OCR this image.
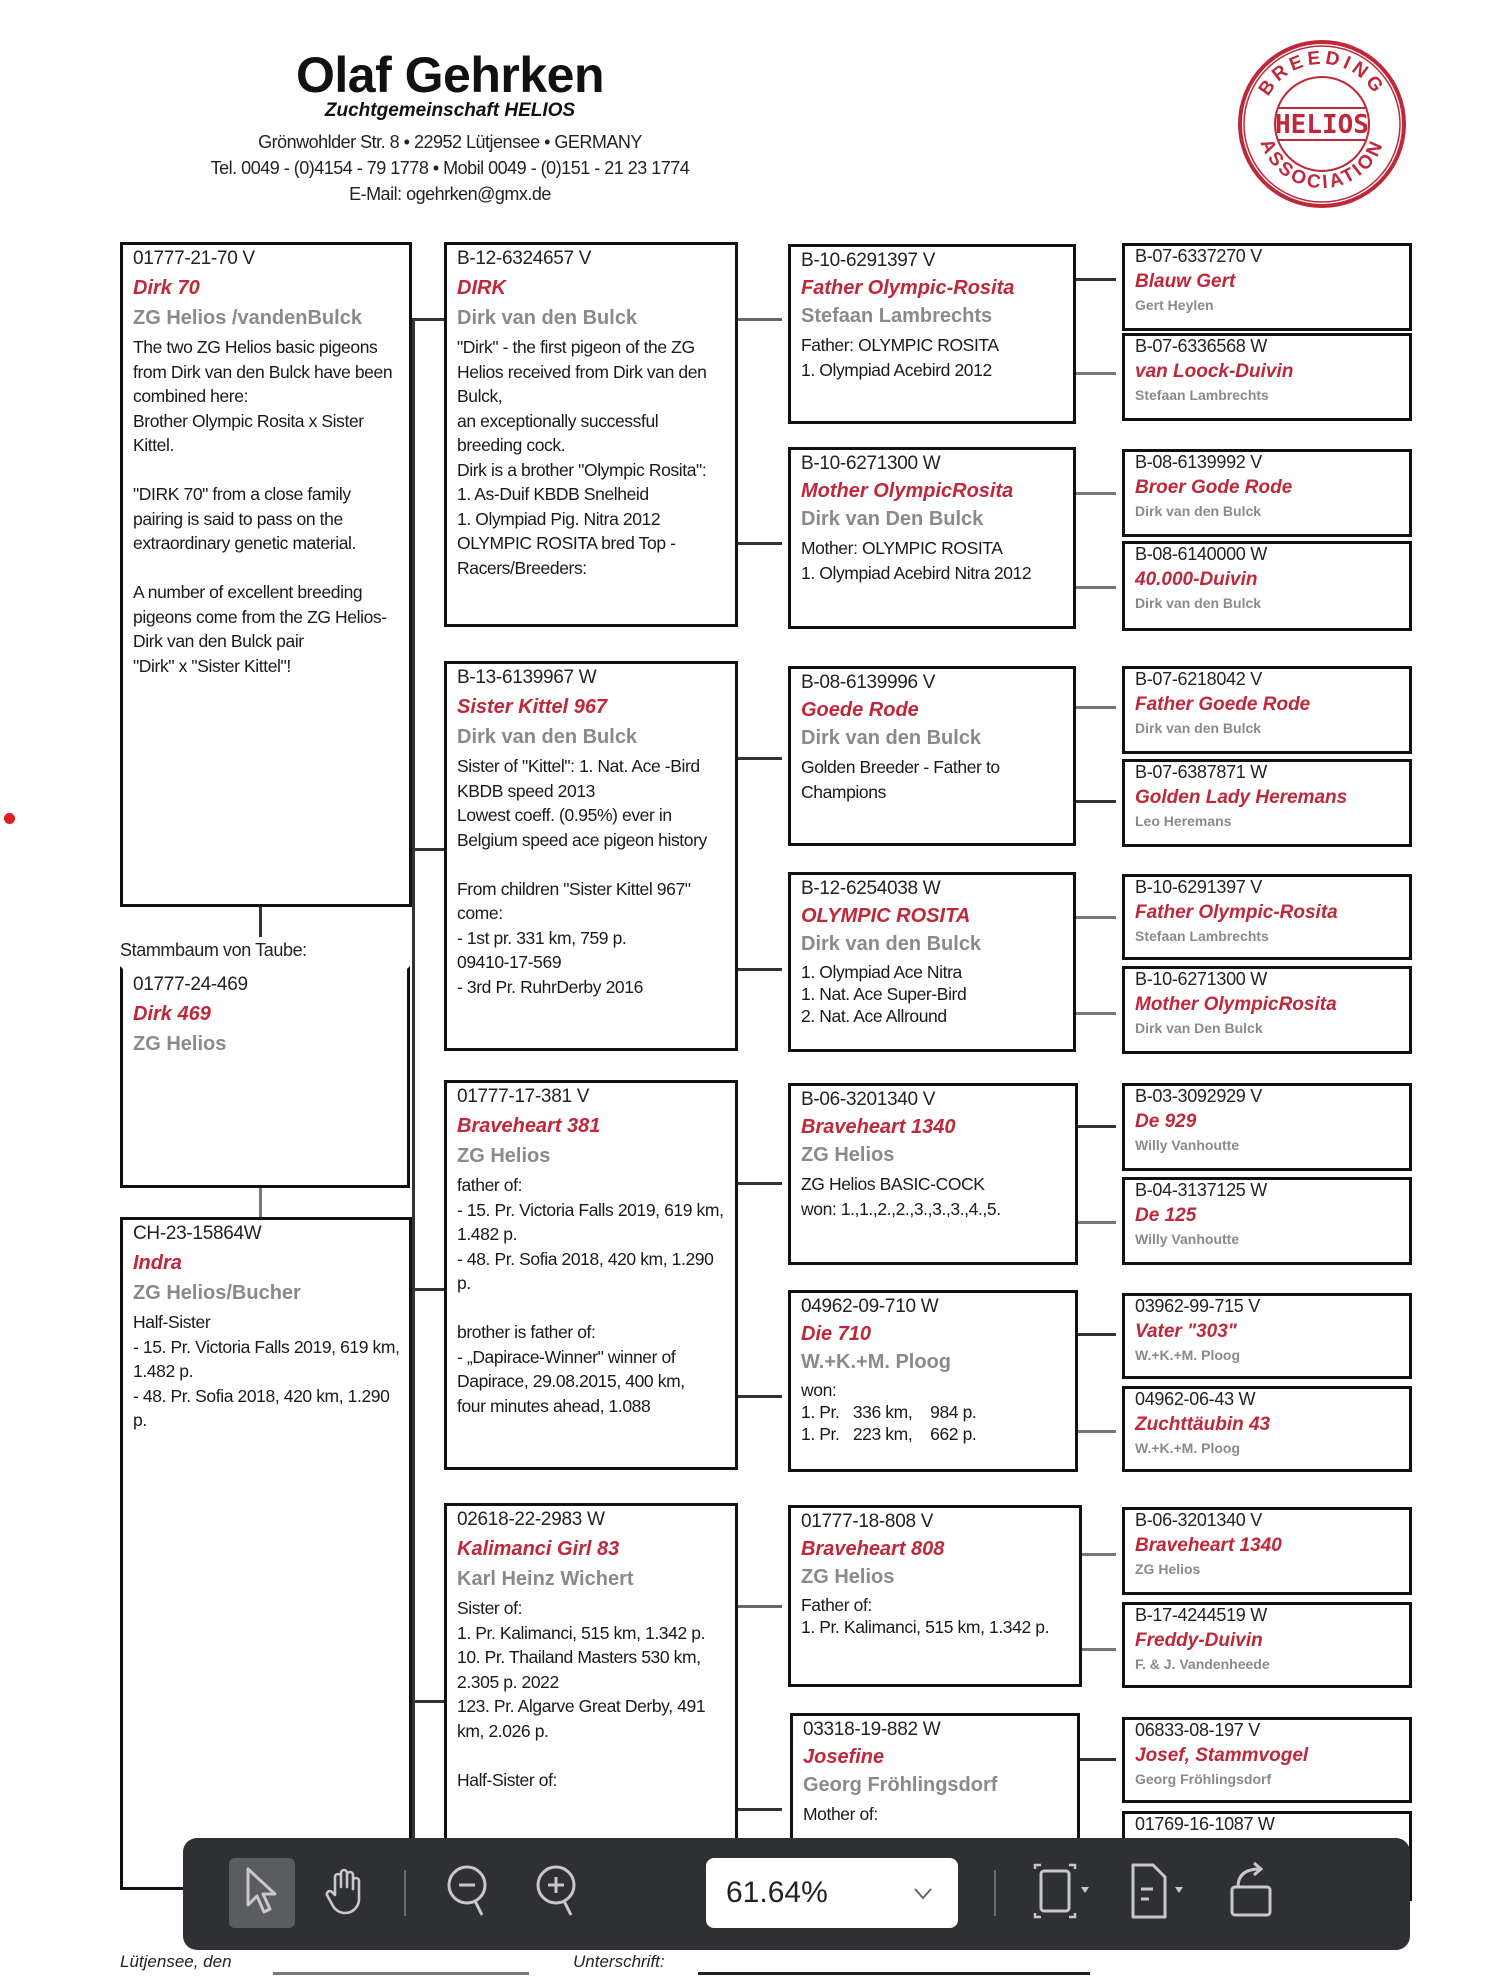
Olaf Gehrken
Zuchtgemeinschaft HELIOS
Grönwohlder Str. 8 • 22952 Lütjensee • GERMANY
Tel. 0049 - (0)4154 - 79 1778 • Mobil 0049 - (0)151 - 21 23 1774
E-Mail: ogehrken@gmx.de
BREEDING
ASSOCIATION
HELIOS
01777-21-70 V
Dirk 70
ZG Helios /vandenBulck
The two ZG Helios basic pigeons from Dirk van den Bulck have been combined here:
Brother Olympic Rosita x Sister Kittel.

"DIRK 70" from a close family pairing is said to pass on the extraordinary genetic material.

A number of excellent breeding pigeons come from the ZG Helios-Dirk van den Bulck pair
"Dirk" x "Sister Kittel"!
Stammbaum von Taube:
01777-24-469
Dirk 469
ZG Helios
CH-23-15864W
Indra
ZG Helios/Bucher
Half-Sister
- 15. Pr. Victoria Falls 2019, 619 km, 1.482 p.
- 48. Pr. Sofia 2018, 420 km, 1.290 p.
B-12-6324657 V
DIRK
Dirk van den Bulck
"Dirk" - the first pigeon of the ZG Helios received from Dirk van den Bulck,
an exceptionally successful breeding cock.
Dirk is a brother "Olympic Rosita":
1. As-Duif KBDB Snelheid
1. Olympiad Pig. Nitra 2012
OLYMPIC ROSITA bred Top -Racers/Breeders:
B-13-6139967 W
Sister Kittel 967
Dirk van den Bulck
Sister of "Kittel": 1. Nat. Ace -Bird KBDB speed 2013
Lowest coeff. (0.95%) ever in Belgium speed ace pigeon history

From children "Sister Kittel 967" come:
- 1st pr. 331 km, 759 p.
09410-17-569
- 3rd Pr. RuhrDerby 2016
01777-17-381 V
Braveheart 381
ZG Helios
father of:
- 15. Pr. Victoria Falls 2019, 619 km, 1.482 p.
- 48. Pr. Sofia 2018, 420 km, 1.290 p.

brother is father of:
- „Dapirace-Winner" winner of Dapirace, 29.08.2015, 400 km,
four minutes ahead, 1.088
02618-22-2983 W
Kalimanci Girl 83
Karl Heinz Wichert
Sister of:
1. Pr. Kalimanci, 515 km, 1.342 p.
10. Pr. Thailand Masters 530 km, 2.305 p. 2022
123. Pr. Algarve Great Derby, 491 km, 2.026 p.

Half-Sister of:
B-10-6291397 V
Father Olympic-Rosita
Stefaan Lambrechts
Father: OLYMPIC ROSITA
1. Olympiad Acebird 2012
B-10-6271300 W
Mother OlympicRosita
Dirk van Den Bulck
Mother: OLYMPIC ROSITA
1. Olympiad Acebird Nitra 2012
B-08-6139996 V
Goede Rode
Dirk van den Bulck
Golden Breeder - Father to Champions
B-12-6254038 W
OLYMPIC ROSITA
Dirk van den Bulck
1. Olympiad Ace Nitra
1. Nat. Ace Super-Bird
2. Nat. Ace Allround
B-06-3201340 V
Braveheart 1340
ZG Helios
ZG Helios BASIC-COCK
won: 1.,1.,2.,2.,3.,3.,3.,4.,5.
04962-09-710 W
Die 710
W.+K.+M. Ploog
won:
1. Pr.   336 km,    984 p.
1. Pr.   223 km,    662 p.
01777-18-808 V
Braveheart 808
ZG Helios
Father of:
1. Pr. Kalimanci, 515 km, 1.342 p.
03318-19-882 W
Josefine
Georg Fröhlingsdorf
Mother of:
B-07-6337270 V
Blauw Gert
Gert Heylen
B-07-6336568 W
van Loock-Duivin
Stefaan Lambrechts
B-08-6139992 V
Broer Gode Rode
Dirk van den Bulck
B-08-6140000 W
40.000-Duivin
Dirk van den Bulck
B-07-6218042 V
Father Goede Rode
Dirk van den Bulck
B-07-6387871 W
Golden Lady Heremans
Leo Heremans
B-10-6291397 V
Father Olympic-Rosita
Stefaan Lambrechts
B-10-6271300 W
Mother OlympicRosita
Dirk van Den Bulck
B-03-3092929 V
De 929
Willy Vanhoutte
B-04-3137125 W
De 125
Willy Vanhoutte
03962-99-715 V
Vater "303"
W.+K.+M. Ploog
04962-06-43 W
Zuchttäubin 43
W.+K.+M. Ploog
B-06-3201340 V
Braveheart 1340
ZG Helios
B-17-4244519 W
Freddy-Duivin
F. & J. Vandenheede
06833-08-197 V
Josef, Stammvogel
Georg Fröhlingsdorf
01769-16-1087 W
Lütjensee, den	Unterschrift:
61.64%
